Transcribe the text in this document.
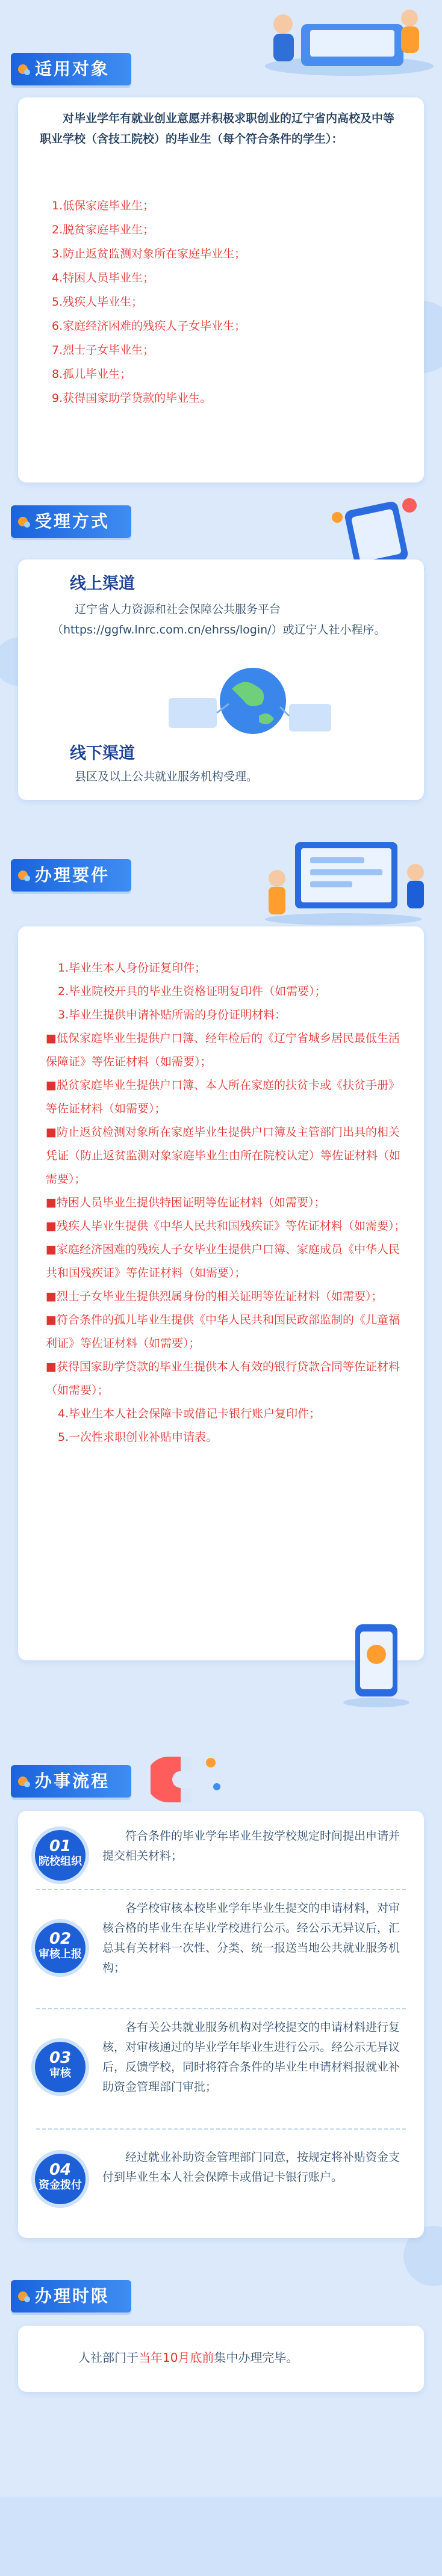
适用对象
对毕业学年有就业创业意愿并积极求职创业的辽宁省内高校及中等职业学校（含技工院校）的毕业生（每个符合条件的学生）：
1.低保家庭毕业生；
2.脱贫家庭毕业生；
3.防止返贫监测对象所在家庭毕业生；
4.特困人员毕业生；
5.残疾人毕业生；
6.家庭经济困难的残疾人子女毕业生；
7.烈士子女毕业生；
8.孤儿毕业生；
9.获得国家助学贷款的毕业生。
受理方式
线上渠道
辽宁省人力资源和社会保障公共服务平台（https://ggfw.lnrc.com.cn/ehrss/login/）或辽宁人社小程序。
线下渠道
县区及以上公共就业服务机构受理。
办理要件
1.毕业生本人身份证复印件；
2.毕业院校开具的毕业生资格证明复印件（如需要）；
3.毕业生提供申请补贴所需的身份证明材料：
■低保家庭毕业生提供户口簿、经年检后的《辽宁省城乡居民最低生活保障证》等佐证材料（如需要）；
■脱贫家庭毕业生提供户口簿、本人所在家庭的扶贫卡或《扶贫手册》等佐证材料（如需要）；
■防止返贫检测对象所在家庭毕业生提供户口簿及主管部门出具的相关凭证（防止返贫监测对象家庭毕业生由所在院校认定）等佐证材料（如需要）；
■特困人员毕业生提供特困证明等佐证材料（如需要）；
■残疾人毕业生提供《中华人民共和国残疾证》等佐证材料（如需要）；
■家庭经济困难的残疾人子女毕业生提供户口簿、家庭成员《中华人民共和国残疾证》等佐证材料（如需要）；
■烈士子女毕业生提供烈属身份的相关证明等佐证材料（如需要）；
■符合条件的孤儿毕业生提供《中华人民共和国民政部监制的《儿童福利证》等佐证材料（如需要）；
■获得国家助学贷款的毕业生提供本人有效的银行贷款合同等佐证材料（如需要）；
4.毕业生本人社会保障卡或借记卡银行账户复印件；
5.一次性求职创业补贴申请表。
办事流程
01
院校组织
符合条件的毕业学年毕业生按学校规定时间提出申请并提交相关材料；
02
审核上报
各学校审核本校毕业学年毕业生提交的申请材料，对审核合格的毕业生在毕业学校进行公示。经公示无异议后，汇总其有关材料一次性、分类、统一报送当地公共就业服务机构；
03
审核
各有关公共就业服务机构对学校提交的申请材料进行复核，对审核通过的毕业学年毕业生进行公示。经公示无异议后，反馈学校，同时将符合条件的毕业生申请材料报就业补助资金管理部门审批；
04
资金拨付
经过就业补助资金管理部门同意，按规定将补贴资金支付到毕业生本人社会保障卡或借记卡银行账户。
办理时限
人社部门于当年10月底前集中办理完毕。
